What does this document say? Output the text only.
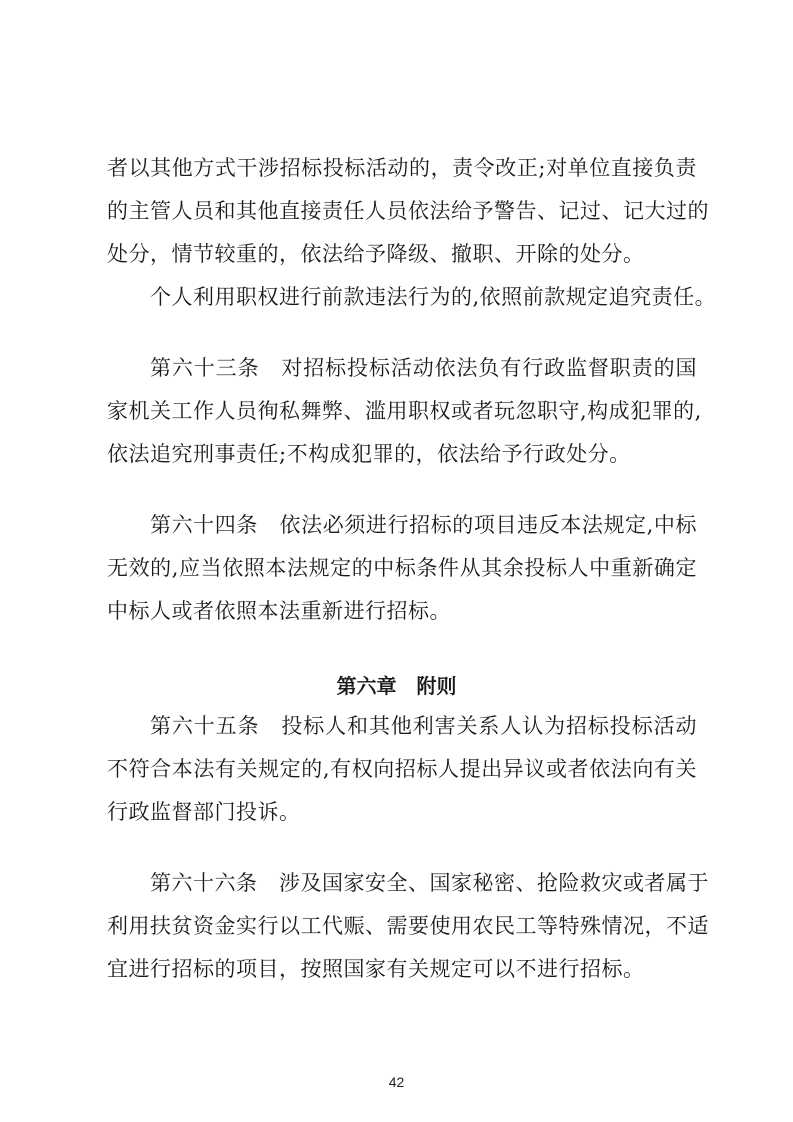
者以其他方式干涉招标投标活动的，责令改正;对单位直接负责
的主管人员和其他直接责任人员依法给予警告、记过、记大过的
处分，情节较重的，依法给予降级、撤职、开除的处分。
个人利用职权进行前款违法行为的,依照前款规定追究责任。
第六十三条　对招标投标活动依法负有行政监督职责的国
家机关工作人员徇私舞弊、滥用职权或者玩忽职守,构成犯罪的,
依法追究刑事责任;不构成犯罪的，依法给予行政处分。
第六十四条　依法必须进行招标的项目违反本法规定,中标
无效的,应当依照本法规定的中标条件从其余投标人中重新确定
中标人或者依照本法重新进行招标。
第六章　附则
第六十五条　投标人和其他利害关系人认为招标投标活动
不符合本法有关规定的,有权向招标人提出异议或者依法向有关
行政监督部门投诉。
第六十六条　涉及国家安全、国家秘密、抢险救灾或者属于
利用扶贫资金实行以工代赈、需要使用农民工等特殊情况，不适
宜进行招标的项目，按照国家有关规定可以不进行招标。
42
